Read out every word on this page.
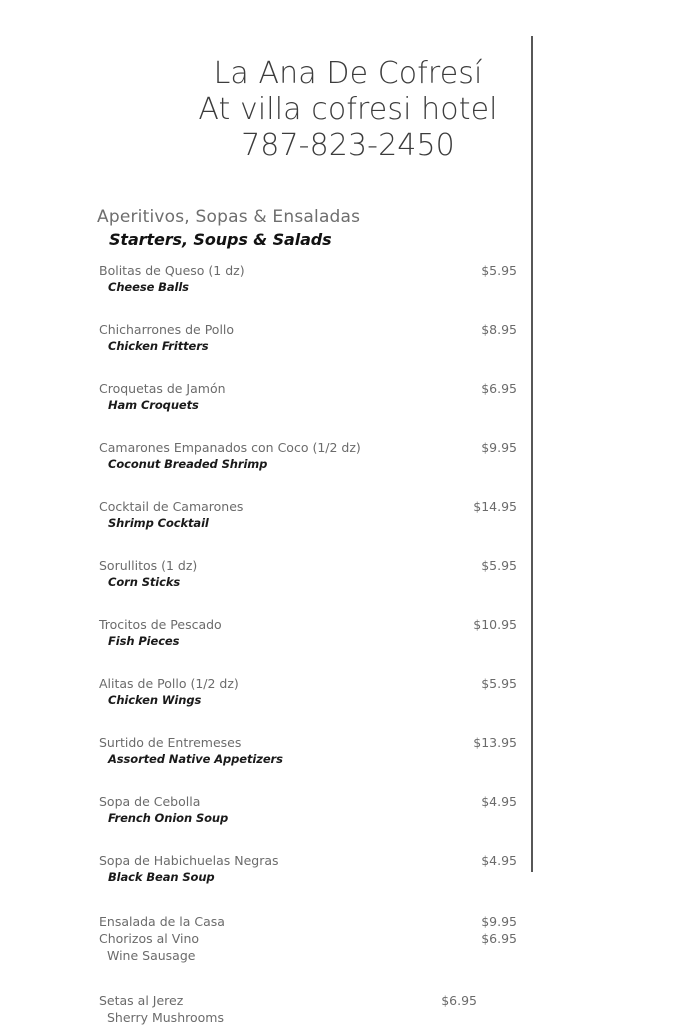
La Ana De Cofresí
At villa cofresi hotel
787-823-2450
Aperitivos, Sopas & Ensaladas
Starters, Soups & Salads
Bolitas de Queso (1 dz)	$5.95
Cheese Balls
Chicharrones de Pollo	$8.95
Chicken Fritters
Croquetas de Jamón	$6.95
Ham Croquets
Camarones Empanados con Coco (1/2 dz)	$9.95
Coconut Breaded Shrimp
Cocktail de Camarones	$14.95
Shrimp Cocktail
Sorullitos (1 dz)	$5.95
Corn Sticks
Trocitos de Pescado	$10.95
Fish Pieces
Alitas de Pollo (1/2 dz)	$5.95
Chicken Wings
Surtido de Entremeses	$13.95
Assorted Native Appetizers
Sopa de Cebolla	$4.95
French Onion Soup
Sopa de Habichuelas Negras	$4.95
Black Bean Soup
Ensalada de la Casa	$9.95
Chorizos al Vino	$6.95
Wine Sausage
Setas al Jerez	$6.95
Sherry Mushrooms
